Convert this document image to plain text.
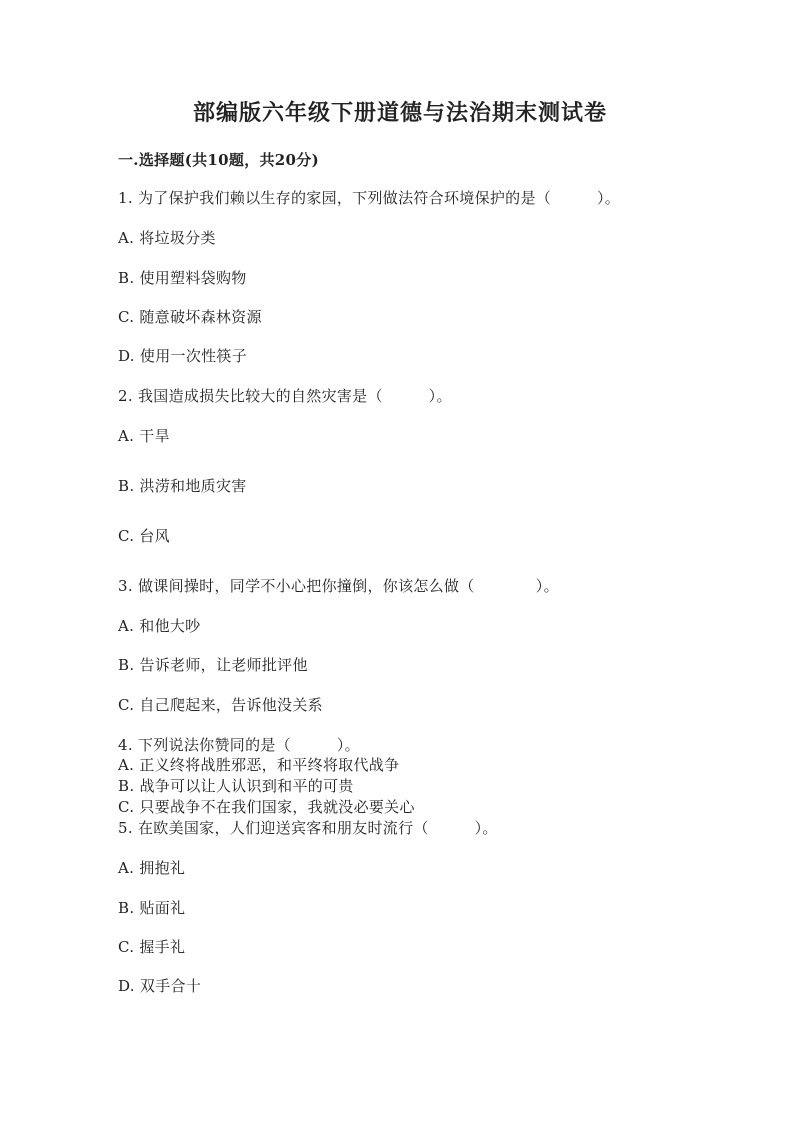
部编版六年级下册道德与法治期末测试卷
一.选择题(共10题，共20分)
1. 为了保护我们赖以生存的家园，下列做法符合环境保护的是（　　　）。
A. 将垃圾分类
B. 使用塑料袋购物
C. 随意破坏森林资源
D. 使用一次性筷子
2. 我国造成损失比较大的自然灾害是（　　　）。
A. 干旱
B. 洪涝和地质灾害
C. 台风
3. 做课间操时，同学不小心把你撞倒，你该怎么做（　　　　）。
A. 和他大吵
B. 告诉老师，让老师批评他
C. 自己爬起来，告诉他没关系
4. 下列说法你赞同的是（　　　）。
A. 正义终将战胜邪恶，和平终将取代战争
B. 战争可以让人认识到和平的可贵
C. 只要战争不在我们国家，我就没必要关心
5. 在欧美国家，人们迎送宾客和朋友时流行（　　　）。
A. 拥抱礼
B. 贴面礼
C. 握手礼
D. 双手合十
